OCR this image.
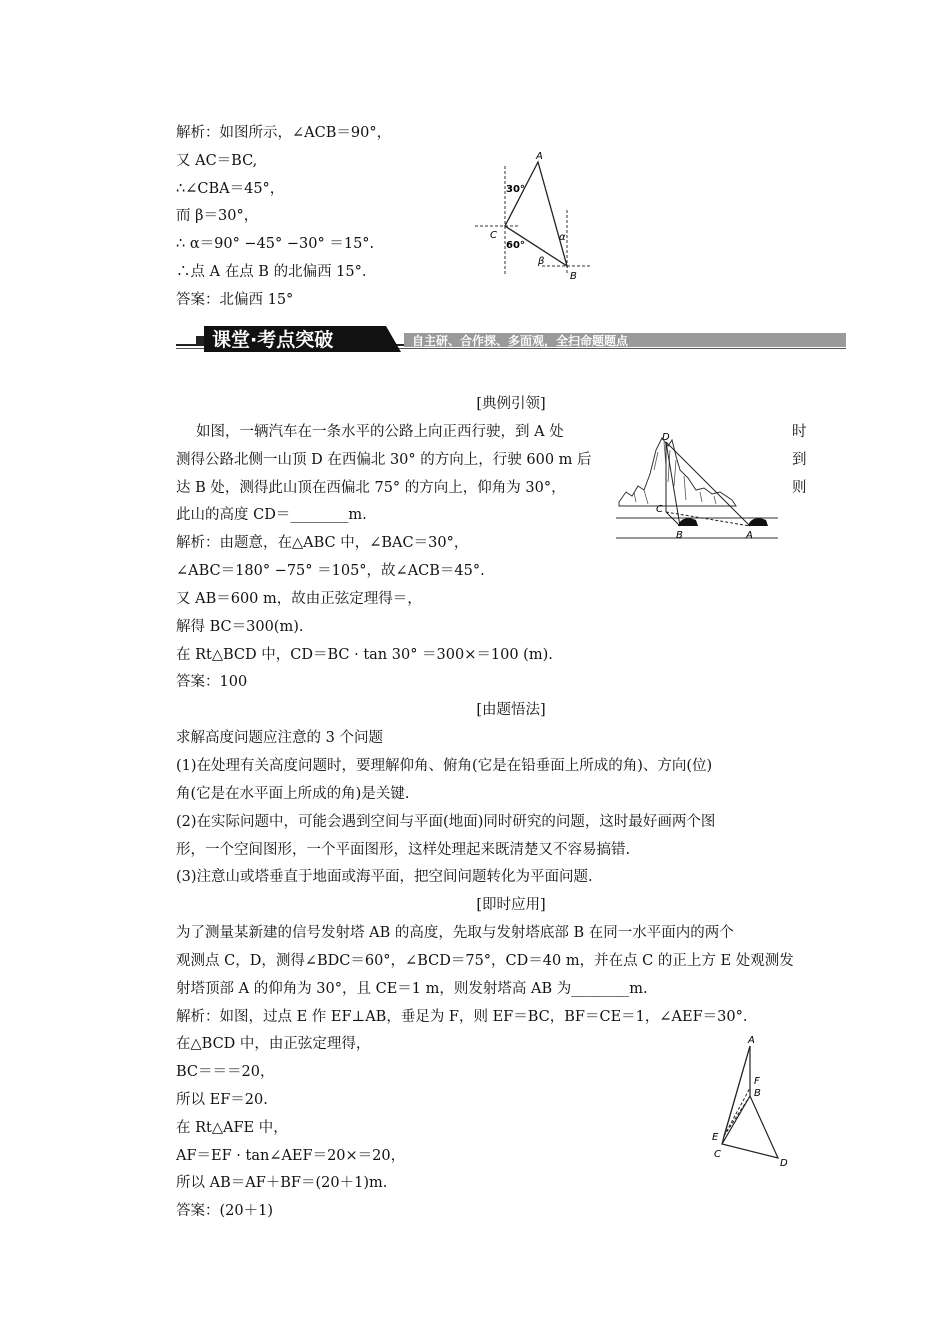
解析：如图所示，∠ACB＝90°，
又 AC＝BC,
∴∠CBA＝45°，
而 β＝30°，
∴ α＝90° −45° −30° ＝15°.
∴点 A 在点 B 的北偏西 15°.
答案：北偏西 15°
A
C
B
30°
60°
α
β
课堂·考点突破	自主研、合作探、多面观，全扫命题题点
[典例引领]
如图，一辆汽车在一条水平的公路上向正西行驶，到 A 处	时
测得公路北侧一山顶 D 在西偏北 30° 的方向上，行驶 600 m 后	到
达 B 处，测得此山顶在西偏北 75° 的方向上，仰角为 30°，	则
此山的高度 CD＝________m.
D
C
B	A
解析：由题意，在△ABC 中，∠BAC＝30°，
∠ABC＝180° −75° ＝105°，故∠ACB＝45°.
又 AB＝600 m，故由正弦定理得＝，
解得 BC＝300(m).
在 Rt△BCD 中，CD＝BC · tan 30° ＝300×＝100 (m).
答案：100
[由题悟法]
求解高度问题应注意的 3 个问题
(1)在处理有关高度问题时，要理解仰角、俯角(它是在铅垂面上所成的角)、方向(位)
角(它是在水平面上所成的角)是关键.
(2)在实际问题中，可能会遇到空间与平面(地面)同时研究的问题，这时最好画两个图
形，一个空间图形，一个平面图形，这样处理起来既清楚又不容易搞错.
(3)注意山或塔垂直于地面或海平面，把空间问题转化为平面问题.
[即时应用]
为了测量某新建的信号发射塔 AB 的高度，先取与发射塔底部 B 在同一水平面内的两个
观测点 C，D，测得∠BDC＝60°，∠BCD＝75°，CD＝40 m，并在点 C 的正上方 E 处观测发
射塔顶部 A 的仰角为 30°，且 CE＝1 m，则发射塔高 AB 为________m.
解析：如图，过点 E 作 EF⊥AB，垂足为 F，则 EF＝BC，BF＝CE＝1，∠AEF＝30°.
在△BCD 中，由正弦定理得，
BC＝＝＝20，
所以 EF＝20.
在 Rt△AFE 中，
AF＝EF · tan∠AEF＝20×＝20，
所以 AB＝AF＋BF＝(20＋1)m.
答案：(20＋1)
A
F
B
E
C
D
